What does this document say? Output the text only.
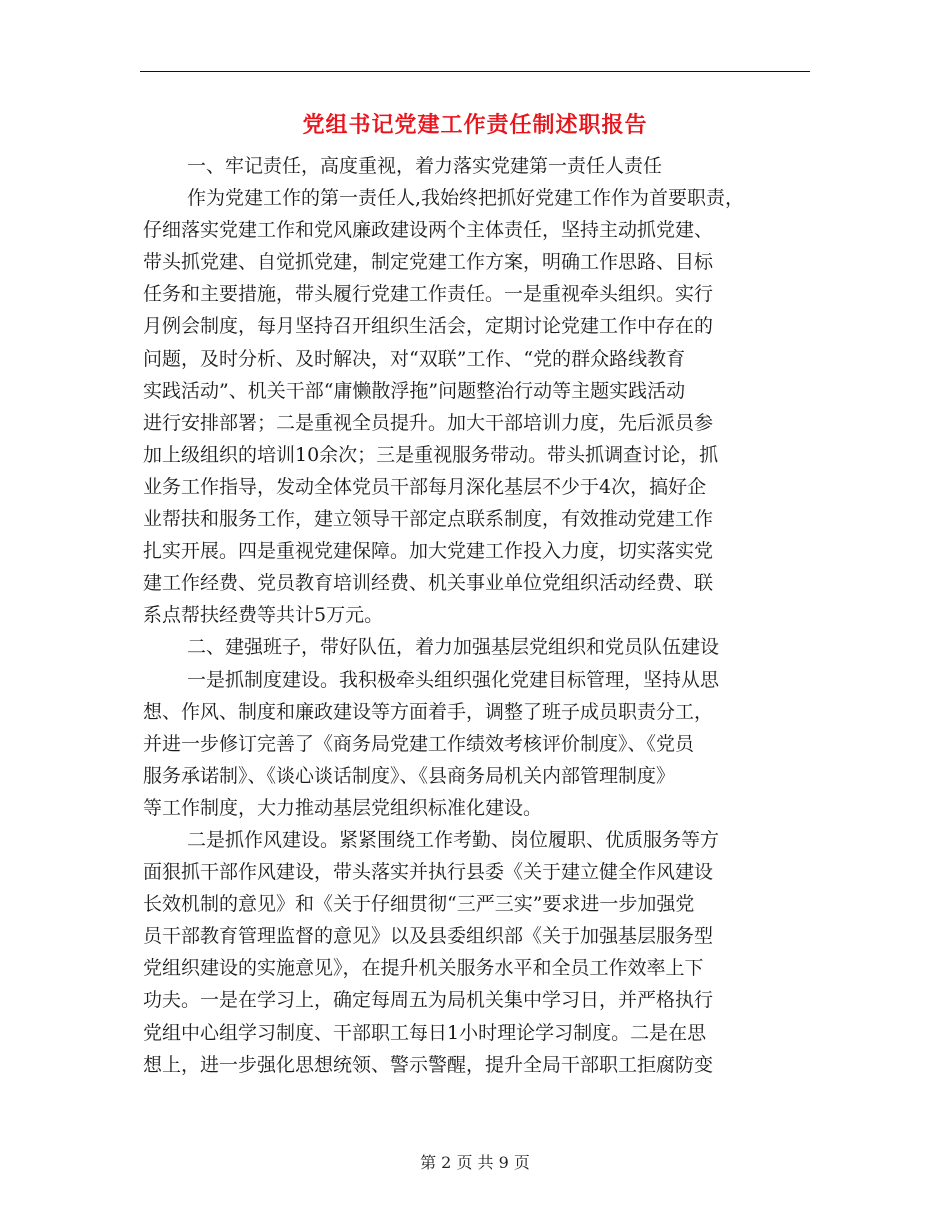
党组书记党建工作责任制述职报告
一、牢记责任，高度重视，着力落实党建第一责任人责任
作为党建工作的第一责任人,我始终把抓好党建工作作为首要职责，
仔细落实党建工作和党风廉政建设两个主体责任，坚持主动抓党建、
带头抓党建、自觉抓党建，制定党建工作方案，明确工作思路、目标
任务和主要措施，带头履行党建工作责任。一是重视牵头组织。实行
月例会制度，每月坚持召开组织生活会，定期讨论党建工作中存在的
问题，及时分析、及时解决，对“双联”工作、“党的群众路线教育
实践活动”、机关干部“庸懒散浮拖”问题整治行动等主题实践活动
进行安排部署；二是重视全员提升。加大干部培训力度，先后派员参
加上级组织的培训10余次；三是重视服务带动。带头抓调查讨论，抓
业务工作指导，发动全体党员干部每月深化基层不少于4次，搞好企
业帮扶和服务工作，建立领导干部定点联系制度，有效推动党建工作
扎实开展。四是重视党建保障。加大党建工作投入力度，切实落实党
建工作经费、党员教育培训经费、机关事业单位党组织活动经费、联
系点帮扶经费等共计5万元。
二、建强班子，带好队伍，着力加强基层党组织和党员队伍建设
一是抓制度建设。我积极牵头组织强化党建目标管理，坚持从思
想、作风、制度和廉政建设等方面着手，调整了班子成员职责分工，
并进一步修订完善了《商务局党建工作绩效考核评价制度》、《党员
服务承诺制》、《谈心谈话制度》、《县商务局机关内部管理制度》
等工作制度，大力推动基层党组织标准化建设。
二是抓作风建设。紧紧围绕工作考勤、岗位履职、优质服务等方
面狠抓干部作风建设，带头落实并执行县委《关于建立健全作风建设
长效机制的意见》和《关于仔细贯彻“三严三实”要求进一步加强党
员干部教育管理监督的意见》以及县委组织部《关于加强基层服务型
党组织建设的实施意见》，在提升机关服务水平和全员工作效率上下
功夫。一是在学习上，确定每周五为局机关集中学习日，并严格执行
党组中心组学习制度、干部职工每日1小时理论学习制度。二是在思
想上，进一步强化思想统领、警示警醒，提升全局干部职工拒腐防变
第 2 页 共 9 页
